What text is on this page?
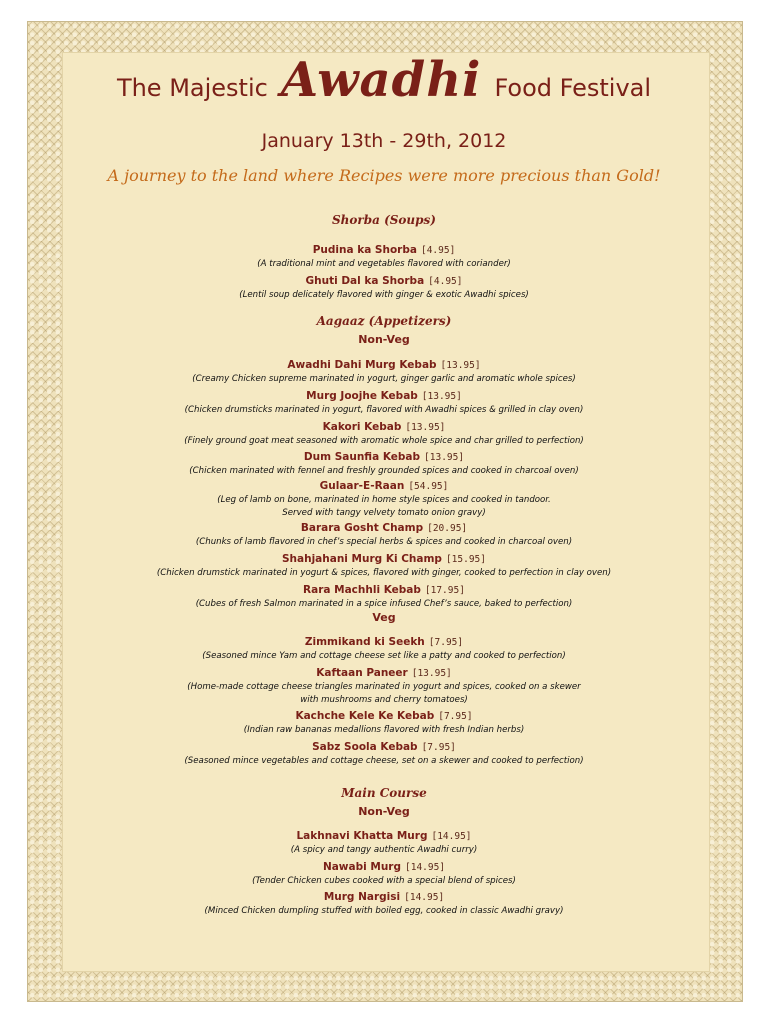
The Majestic Awadhi Food Festival
January 13th - 29th, 2012
A journey to the land where Recipes were more precious than Gold!
Shorba (Soups)
Pudina ka Shorba [4.95]
(A traditional mint and vegetables flavored with coriander)
Ghuti Dal ka Shorba [4.95]
(Lentil soup delicately flavored with ginger & exotic Awadhi spices)
Aagaaz (Appetizers)
Non-Veg
Awadhi Dahi Murg Kebab [13.95]
(Creamy Chicken supreme marinated in yogurt, ginger garlic and aromatic whole spices)
Murg Joojhe Kebab [13.95]
(Chicken drumsticks marinated in yogurt, flavored with Awadhi spices & grilled in clay oven)
Kakori Kebab [13.95]
(Finely ground goat meat seasoned with aromatic whole spice and char grilled to perfection)
Dum Saunfia Kebab [13.95]
(Chicken marinated with fennel and freshly grounded spices and cooked in charcoal oven)
Gulaar-E-Raan [54.95]
(Leg of lamb on bone, marinated in home style spices and cooked in tandoor.
Served with tangy velvety tomato onion gravy)
Barara Gosht Champ [20.95]
(Chunks of lamb flavored in chef’s special herbs & spices and cooked in charcoal oven)
Shahjahani Murg Ki Champ [15.95]
(Chicken drumstick marinated in yogurt & spices, flavored with ginger, cooked to perfection in clay oven)
Rara Machhli Kebab [17.95]
(Cubes of fresh Salmon marinated in a spice infused Chef’s sauce, baked to perfection)
Veg
Zimmikand ki Seekh [7.95]
(Seasoned mince Yam and cottage cheese set like a patty and cooked to perfection)
Kaftaan Paneer [13.95]
(Home-made cottage cheese triangles marinated in yogurt and spices, cooked on a skewer
with mushrooms and cherry tomatoes)
Kachche Kele Ke Kebab [7.95]
(Indian raw bananas medallions flavored with fresh Indian herbs)
Sabz Soola Kebab [7.95]
(Seasoned mince vegetables and cottage cheese, set on a skewer and cooked to perfection)
Main Course
Non-Veg
Lakhnavi Khatta Murg [14.95]
(A spicy and tangy authentic Awadhi curry)
Nawabi Murg [14.95]
(Tender Chicken cubes cooked with a special blend of spices)
Murg Nargisi [14.95]
(Minced Chicken dumpling stuffed with boiled egg, cooked in classic Awadhi gravy)
